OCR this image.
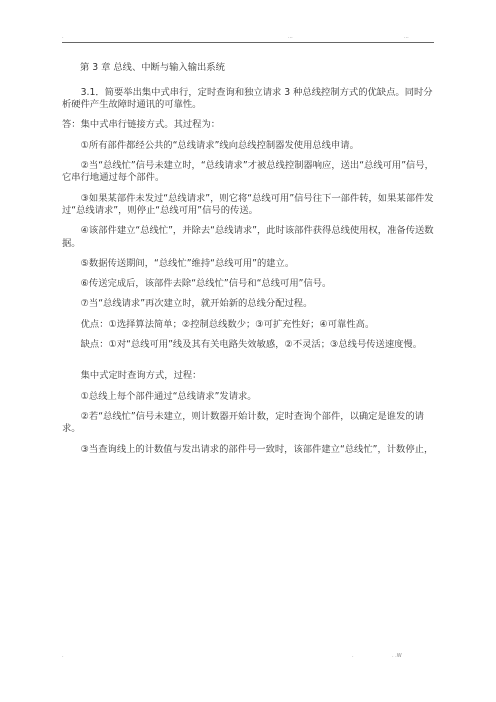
.	...	...

第 3 章 总线、中断与输入输出系统

3.1．简要举出集中式串行，定时查询和独立请求 3 种总线控制方式的优缺点。同时分析硬件产生故障时通讯的可靠性。

答：集中式串行链接方式。其过程为：

①所有部件都经公共的“总线请求”线向总线控制器发使用总线申请。

②当“总线忙”信号未建立时，“总线请求”才被总线控制器响应，送出“总线可用”信号，它串行地通过每个部件。

③如果某部件未发过“总线请求”，则它将“总线可用”信号往下一部件转，如果某部件发过“总线请求”，则停止“总线可用”信号的传送。

④该部件建立“总线忙”，并除去“总线请求”，此时该部件获得总线使用权，准备传送数据。

⑤数据传送期间，“总线忙”维持“总线可用”的建立。

⑥传送完成后，该部件去除“总线忙”信号和“总线可用”信号。

⑦当“总线请求”再次建立时，就开始新的总线分配过程。

优点：①选择算法简单；②控制总线数少；③可扩充性好；④可靠性高。

缺点：①对“总线可用”线及其有关电路失效敏感，②不灵活；③总线号传送速度慢。

集中式定时查询方式，过程：

①总线上每个部件通过“总线请求”发请求。

②若“总线忙”信号未建立，则计数器开始计数，定时查询个部件，以确定是谁发的请求。

③当查询线上的计数值与发出请求的部件号一致时，该部件建立“总线忙”，计数停止，

.	.	. .W
